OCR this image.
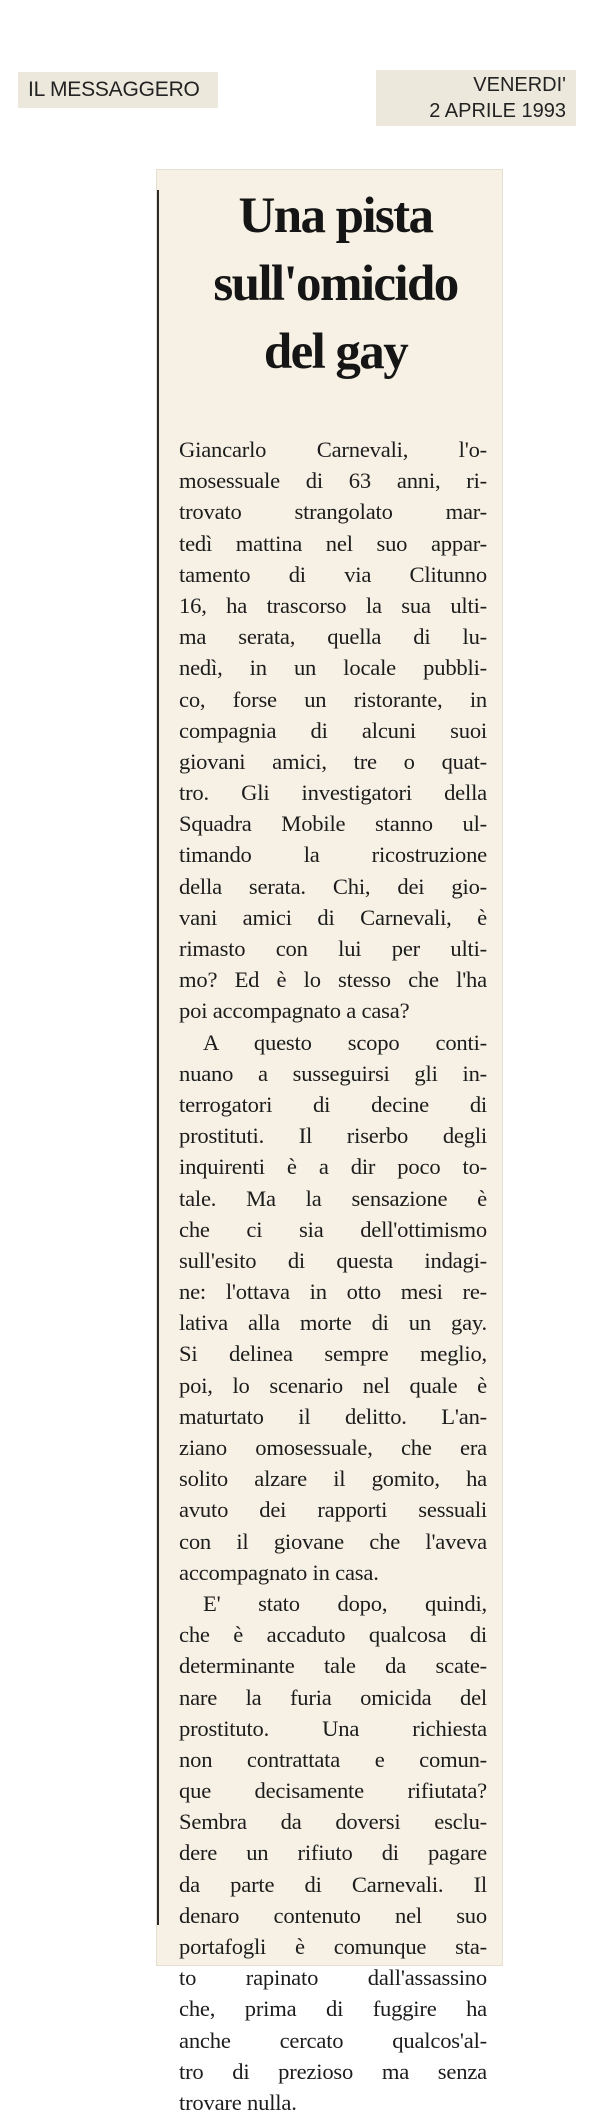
IL MESSAGGERO	VENERDI'
2 APRILE 1993
Una pista
sull'omicido
del gay
Giancarlo Carnevali, l'o-
mosessuale di 63 anni, ri-
trovato strangolato mar-
tedì mattina nel suo appar-
tamento di via Clitunno
16, ha trascorso la sua ulti-
ma serata, quella di lu-
nedì, in un locale pubbli-
co, forse un ristorante, in
compagnia di alcuni suoi
giovani amici, tre o quat-
tro. Gli investigatori della
Squadra Mobile stanno ul-
timando la ricostruzione
della serata. Chi, dei gio-
vani amici di Carnevali, è
rimasto con lui per ulti-
mo? Ed è lo stesso che l'ha
poi accompagnato a casa?
A questo scopo conti-
nuano a susseguirsi gli in-
terrogatori di decine di
prostituti. Il riserbo degli
inquirenti è a dir poco to-
tale. Ma la sensazione è
che ci sia dell'ottimismo
sull'esito di questa indagi-
ne: l'ottava in otto mesi re-
lativa alla morte di un gay.
Si delinea sempre meglio,
poi, lo scenario nel quale è
maturtato il delitto. L'an-
ziano omosessuale, che era
solito alzare il gomito, ha
avuto dei rapporti sessuali
con il giovane che l'aveva
accompagnato in casa.
E' stato dopo, quindi,
che è accaduto qualcosa di
determinante tale da scate-
nare la furia omicida del
prostituto. Una richiesta
non contrattata e comun-
que decisamente rifiutata?
Sembra da doversi esclu-
dere un rifiuto di pagare
da parte di Carnevali. Il
denaro contenuto nel suo
portafogli è comunque sta-
to rapinato dall'assassino
che, prima di fuggire ha
anche cercato qualcos'al-
tro di prezioso ma senza
trovare nulla.
